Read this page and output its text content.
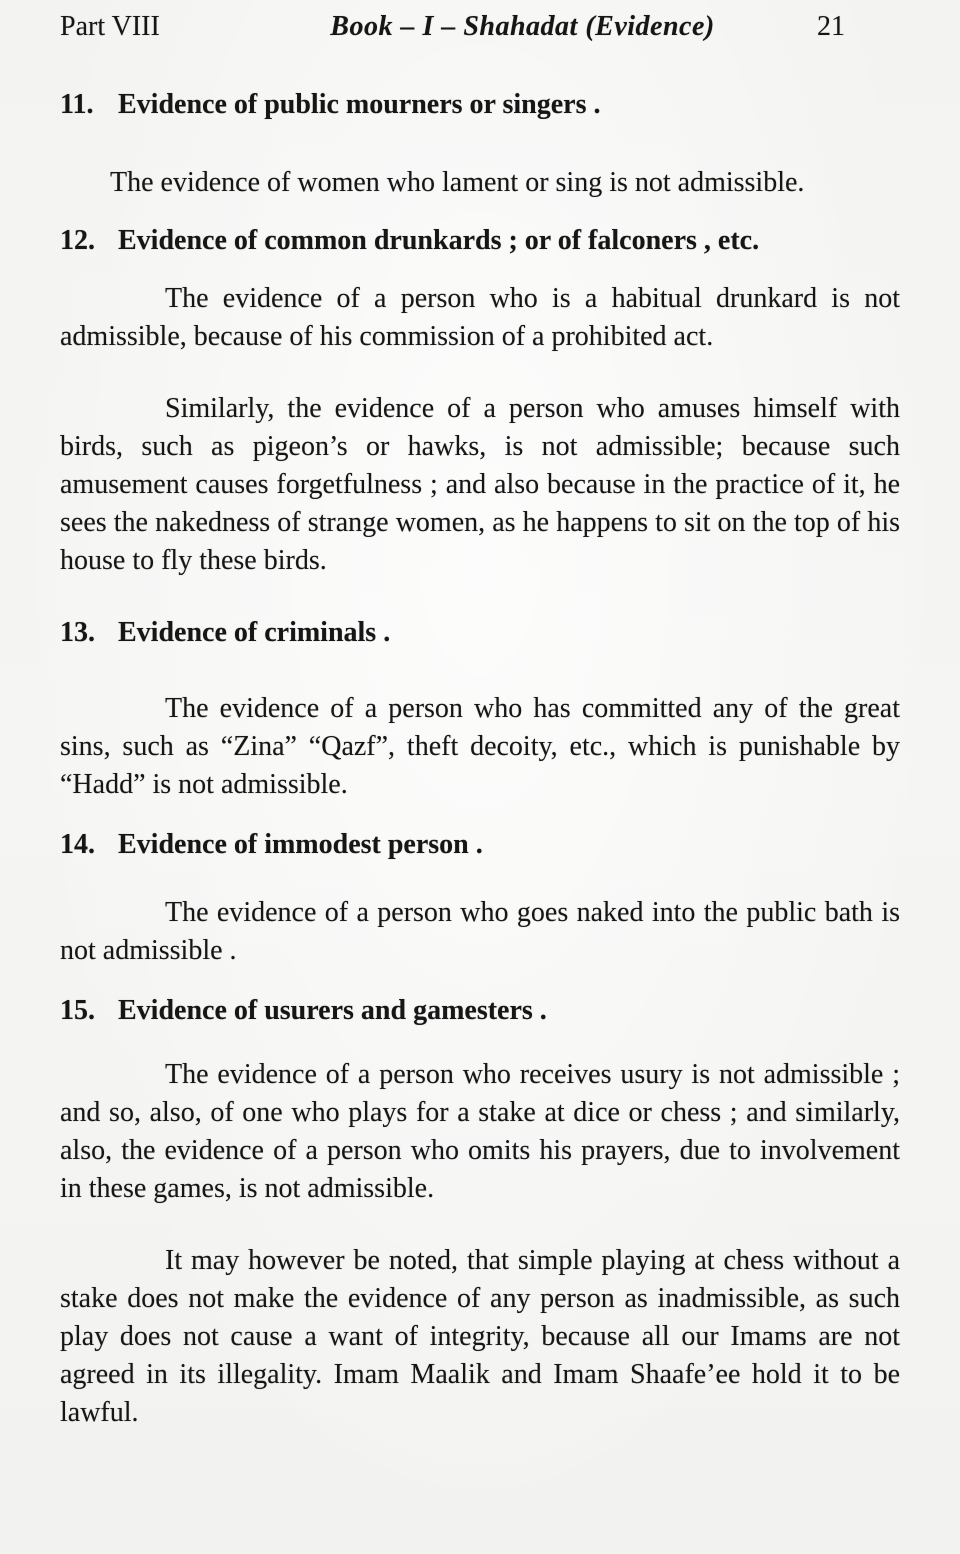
Part VIII	Book – I – Shahadat (Evidence)	21
11. Evidence of public mourners or singers .

The evidence of women who lament or sing is not admissible.

12. Evidence of common drunkards ; or of falconers , etc.

The evidence of a person who is a habitual drunkard is not admissible, because of his commission of a prohibited act.

Similarly, the evidence of a person who amuses himself with birds, such as pigeon’s or hawks, is not admissible; because such amusement causes forgetfulness ; and also because in the practice of it, he sees the nakedness of strange women, as he happens to sit on the top of his house to fly these birds.

13. Evidence of criminals .

The evidence of a person who has committed any of the great sins, such as “Zina” “Qazf”, theft decoity, etc., which is punishable by “Hadd” is not admissible.

14. Evidence of immodest person .

The evidence of a person who goes naked into the public bath is not admissible .

15. Evidence of usurers and gamesters .

The evidence of a person who receives usury is not admissible ; and so, also, of one who plays for a stake at dice or chess ; and similarly, also, the evidence of a person who omits his prayers, due to involvement in these games, is not admissible.

It may however be noted, that simple playing at chess without a stake does not make the evidence of any person as inadmissible, as such play does not cause a want of integrity, because all our Imams are not agreed in its illegality. Imam Maalik and Imam Shaafe’ee hold it to be lawful.
